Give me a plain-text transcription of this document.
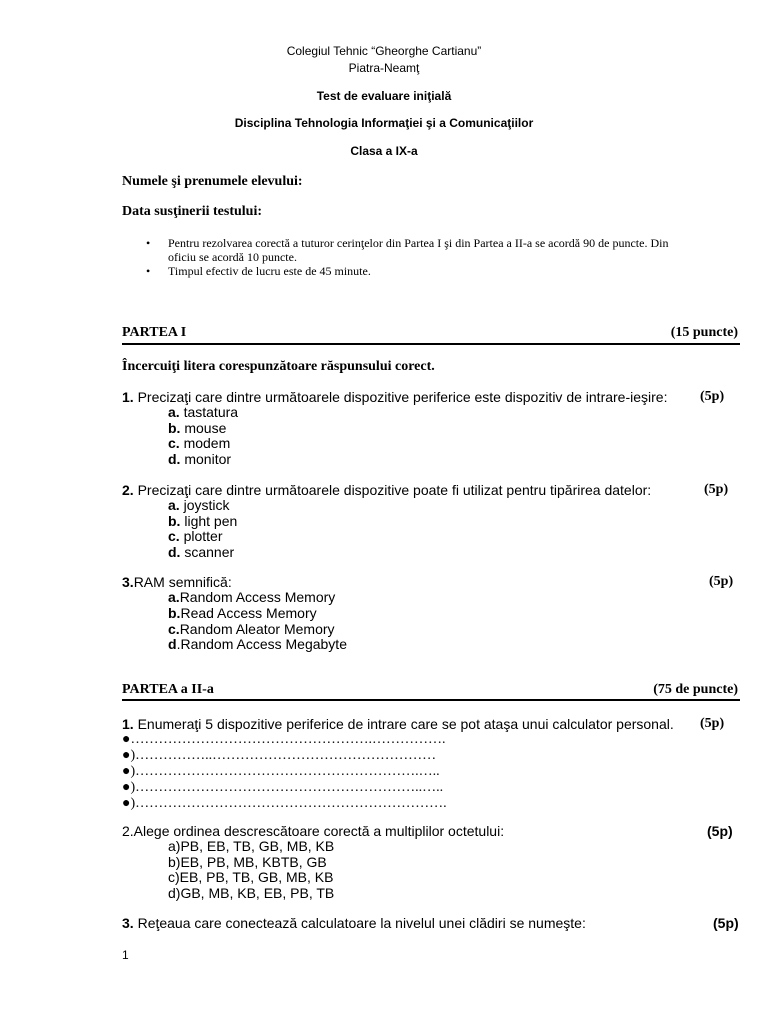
Colegiul Tehnic “Gheorghe Cartianu”
Piatra-Neamţ
Test de evaluare iniţială
Disciplina Tehnologia Informaţiei şi a Comunicaţiilor
Clasa a IX-a
Numele şi prenumele elevului:
Data susţinerii testului:
• Pentru rezolvarea corectă a tuturor cerinţelor din Partea I şi din Partea a II-a se acordă 90 de puncte. Din
oficiu se acordă 10 puncte.
• Timpul efectiv de lucru este de 45 minute.
PARTEA I	(15 puncte)
Încercuiţi litera corespunzătoare răspunsului corect.
1. Precizaţi care dintre următoarele dispozitive periferice este dispozitiv de intrare-ieşire: (5p)
a. tastatura
b. mouse
c. modem
d. monitor
2. Precizaţi care dintre următoarele dispozitive poate fi utilizat pentru tipărirea datelor:	(5p)
a. joystick
b. light pen
c. plotter
d. scanner
3.RAM semnifică:	(5p)
a.Random Access Memory
b.Read Access Memory
c.Random Aleator Memory
d.Random Access Megabyte
PARTEA a II-a	(75 de puncte)
1. Enumeraţi 5 dispozitive periferice de intrare care se pot ataşa unui calculator personal. (5p)
●…………………………………………….…………….
●)……………..…………………………………………
●)…………………………………………………….…..
●)……………………………………………………..…..
●)………………………………………………………….
2.Alege ordinea descrescătoare corectă a multiplilor octetului:	(5p)
a)PB, EB, TB, GB, MB, KB
b)EB, PB, MB, KBTB, GB
c)EB, PB, TB, GB, MB, KB
d)GB, MB, KB, EB, PB, TB
3. Reţeaua care conectează calculatoare la nivelul unei clădiri se numeşte:	(5p)
1
